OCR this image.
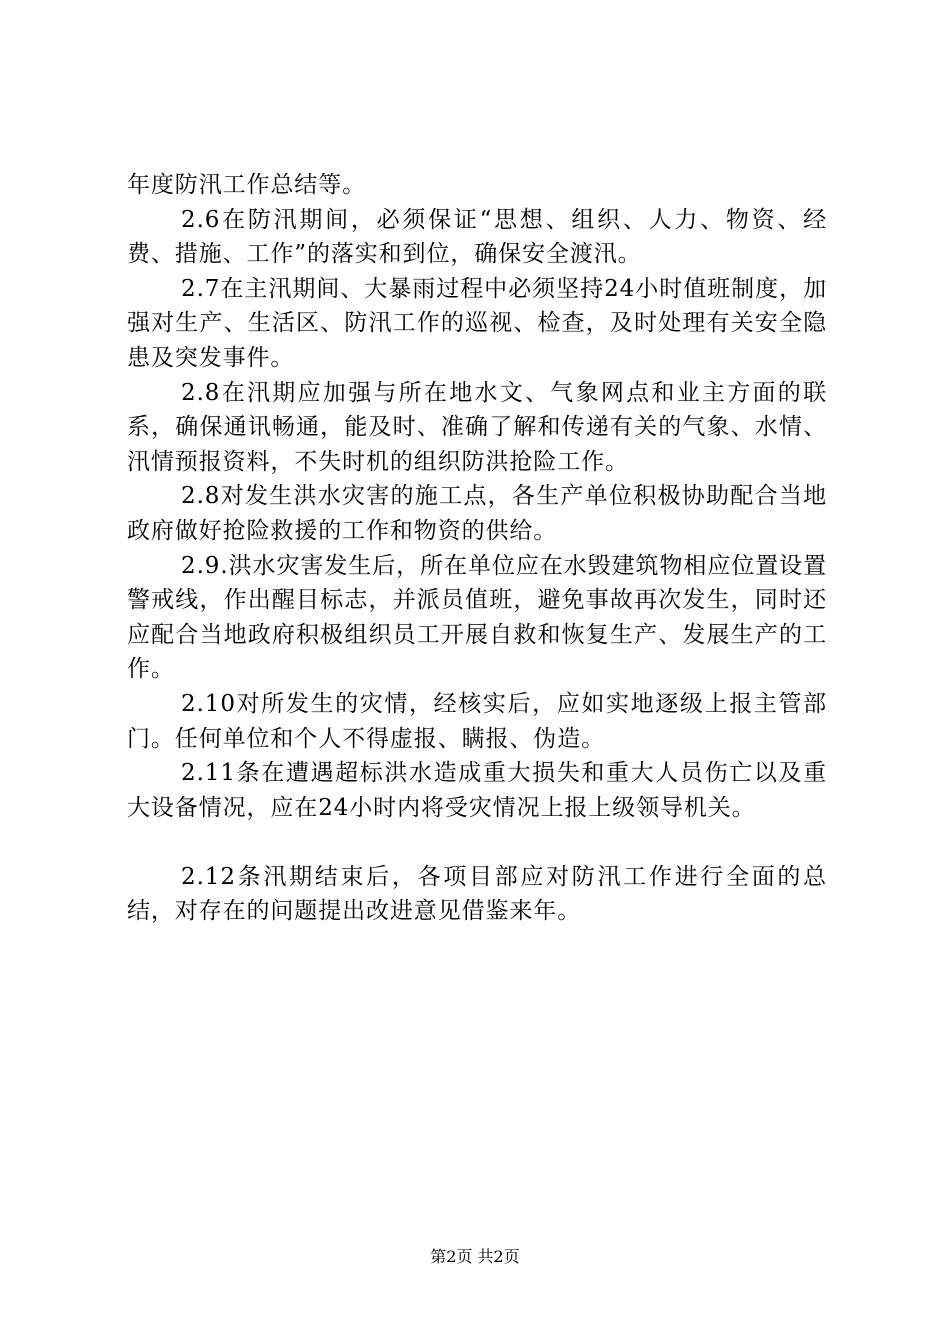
年度防汛工作总结等。

2.6在防汛期间，必须保证“思想、组织、人力、物资、经费、措施、工作”的落实和到位，确保安全渡汛。

2.7在主汛期间、大暴雨过程中必须坚持24小时值班制度，加强对生产、生活区、防汛工作的巡视、检查，及时处理有关安全隐患及突发事件。

2.8在汛期应加强与所在地水文、气象网点和业主方面的联系，确保通讯畅通，能及时、准确了解和传递有关的气象、水情、汛情预报资料，不失时机的组织防洪抢险工作。

2.8对发生洪水灾害的施工点，各生产单位积极协助配合当地政府做好抢险救援的工作和物资的供给。

2.9.洪水灾害发生后，所在单位应在水毁建筑物相应位置设置警戒线，作出醒目标志，并派员值班，避免事故再次发生，同时还应配合当地政府积极组织员工开展自救和恢复生产、发展生产的工作。

2.10对所发生的灾情，经核实后，应如实地逐级上报主管部门。任何单位和个人不得虚报、瞒报、伪造。

2.11条在遭遇超标洪水造成重大损失和重大人员伤亡以及重大设备情况，应在24小时内将受灾情况上报上级领导机关。

2.12条汛期结束后，各项目部应对防汛工作进行全面的总结，对存在的问题提出改进意见借鉴来年。

第2页 共2页
